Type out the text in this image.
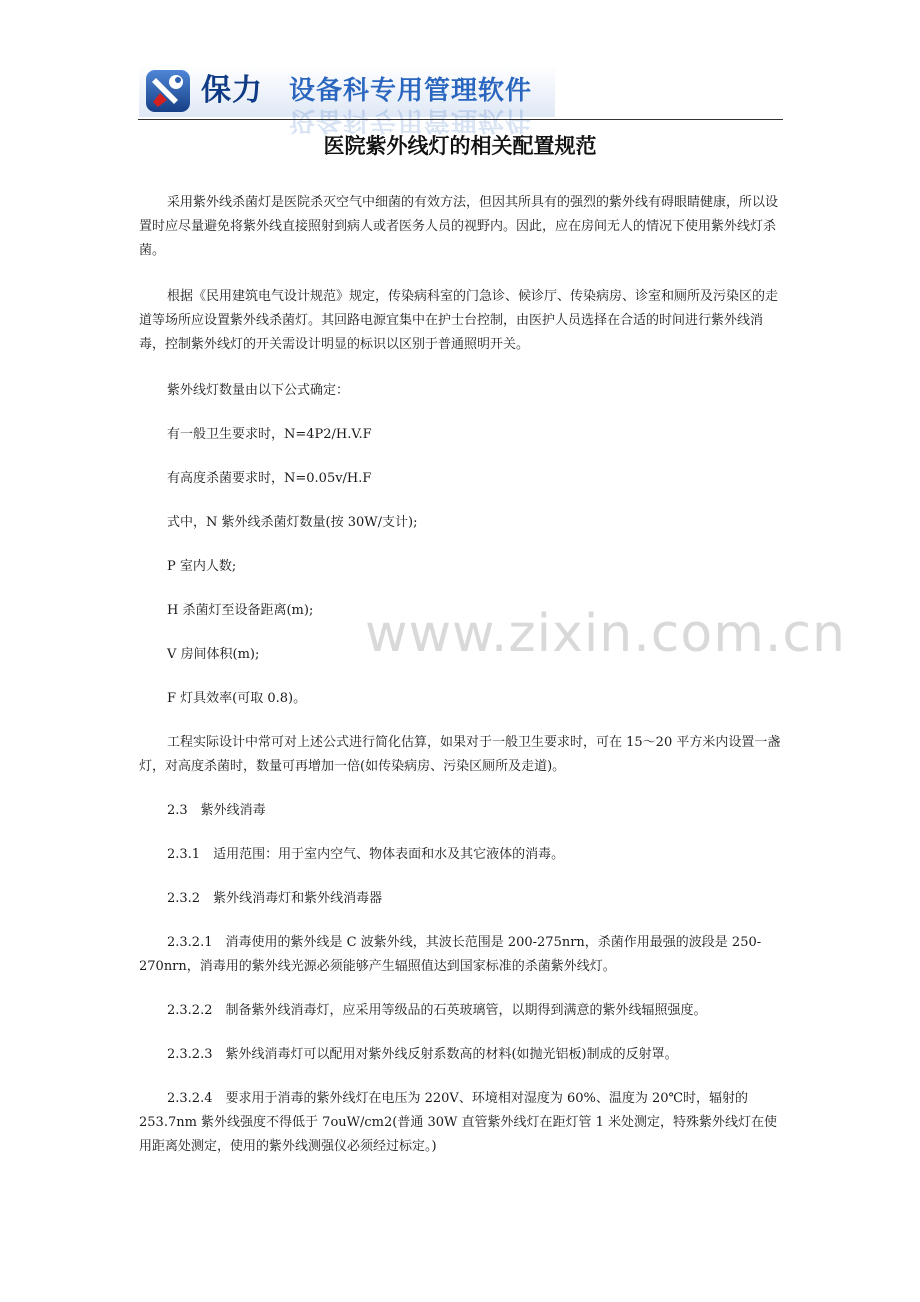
保力 设备科专用管理软件
设备科专用管理软件
医院紫外线灯的相关配置规范

采用紫外线杀菌灯是医院杀灭空气中细菌的有效方法，但因其所具有的强烈的紫外线有碍眼睛健康，所以设置时应尽量避免将紫外线直接照射到病人或者医务人员的视野内。因此，应在房间无人的情况下使用紫外线灯杀菌。

根据《民用建筑电气设计规范》规定，传染病科室的门急诊、候诊厅、传染病房、诊室和厕所及污染区的走道等场所应设置紫外线杀菌灯。其回路电源宜集中在护士台控制，由医护人员选择在合适的时间进行紫外线消毒，控制紫外线灯的开关需设计明显的标识以区别于普通照明开关。

紫外线灯数量由以下公式确定：

有一般卫生要求时，N=4P2/H.V.F

有高度杀菌要求时，N=0.05v/H.F

式中，N 紫外线杀菌灯数量(按 30W/支计);

P 室内人数;

H 杀菌灯至设备距离(m);

V 房间体积(m);

F 灯具效率(可取 0.8)。

工程实际设计中常可对上述公式进行简化估算，如果对于一般卫生要求时，可在 15～20 平方米内设置一盏灯，对高度杀菌时，数量可再增加一倍(如传染病房、污染区厕所及走道)。

2.3　紫外线消毒

2.3.1　适用范围：用于室内空气、物体表面和水及其它液体的消毒。

2.3.2　紫外线消毒灯和紫外线消毒器

2.3.2.1　消毒使用的紫外线是 C 波紫外线，其波长范围是 200-275nrn，杀菌作用最强的波段是 250-270nrn，消毒用的紫外线光源必须能够产生辐照值达到国家标准的杀菌紫外线灯。

2.3.2.2　制备紫外线消毒灯，应采用等级品的石英玻璃管，以期得到满意的紫外线辐照强度。

2.3.2.3　紫外线消毒灯可以配用对紫外线反射系数高的材料(如抛光铝板)制成的反射罩。

2.3.2.4　要求用于消毒的紫外线灯在电压为 220V、环境相对湿度为 60%、温度为 20℃时，辐射的 253.7nm 紫外线强度不得低于 7ouW/cm2(普通 30W 直管紫外线灯在距灯管 1 米处测定，特殊紫外线灯在使用距离处测定，使用的紫外线测强仪必须经过标定。)

www.zixin.com.cn
